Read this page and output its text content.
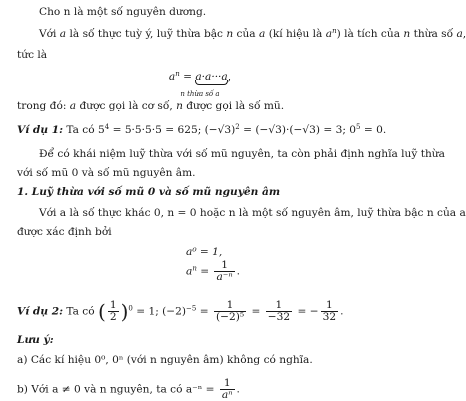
Cho n là một số nguyên dương.
Với a là số thực tuỳ ý, luỹ thừa bậc n của a (kí hiệu là $a^n$) là tích của n thừa số a,
tức là
$a^n = a\cdot a\cdot\cdot\cdot a$,
n thừa số a
trong đó: a được gọi là cơ số, n được gọi là số mũ.
Ví dụ 1: Ta có $5^4 = 5\cdot 5\cdot 5\cdot 5 = 625$; $(-√3)^2 = (-√3)\cdot(-√3) = 3$; $0^5 = 0$.
Để có khái niệm luỹ thừa với số mũ nguyên, ta còn phải định nghĩa luỹ thừa
với số mũ 0 và số mũ nguyên âm.
1. Luỹ thừa với số mũ 0 và số mũ nguyên âm
Với a là số thực khác 0, n = 0 hoặc n là một số nguyên âm, luỹ thừa bậc n của a
được xác định bởi
a⁰ = 1,
$a^n = \frac{1}{\text{a⁻ⁿ}}$ .
Ví dụ 2: Ta có ( $\frac{1}{2} )^0 = 1$; $(-2)^{-5} = \frac{1}{\text{(−2)⁵}} = \frac{1}{-32}$ = − $\frac{1}{32}$ .
Lưu ý:
a) Các kí hiệu 0⁰, 0ⁿ (với n nguyên âm) không có nghĩa.
b) Với a ≠ 0 và n nguyên, ta có $a^{-n} = \frac{1}{\text{aⁿ}}$ .
